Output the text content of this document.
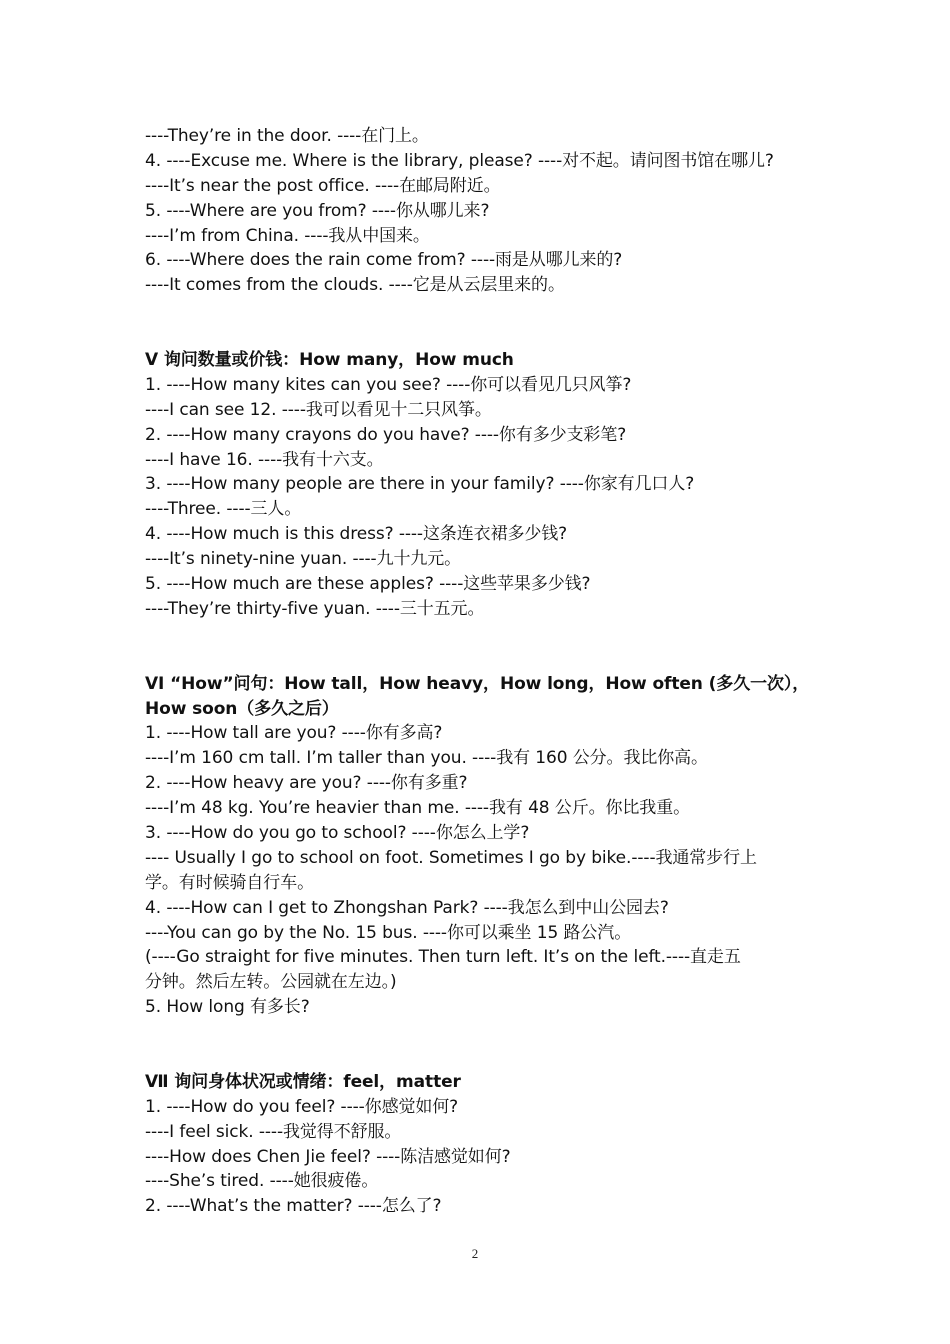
----They’re in the door. ----在门上。
4. ----Excuse me. Where is the library, please? ----对不起。请问图书馆在哪儿?
----It’s near the post office. ----在邮局附近。
5. ----Where are you from? ----你从哪儿来?
----I’m from China. ----我从中国来。
6. ----Where does the rain come from? ----雨是从哪儿来的?
----It comes from the clouds. ----它是从云层里来的。
V 询问数量或价钱：How many，How much
1. ----How many kites can you see? ----你可以看见几只风筝?
----I can see 12. ----我可以看见十二只风筝。
2. ----How many crayons do you have? ----你有多少支彩笔?
----I have 16. ----我有十六支。
3. ----How many people are there in your family? ----你家有几口人?
----Three. ----三人。
4. ----How much is this dress? ----这条连衣裙多少钱?
----It’s ninety-nine yuan. ----九十九元。
5. ----How much are these apples? ----这些苹果多少钱?
----They’re thirty-five yuan. ----三十五元。
VI “How”问句：How tall，How heavy，How long，How often (多久一次），
How soon（多久之后）
1. ----How tall are you? ----你有多高?
----I’m 160 cm tall. I’m taller than you. ----我有 160 公分。我比你高。
2. ----How heavy are you? ----你有多重?
----I’m 48 kg. You’re heavier than me. ----我有 48 公斤。你比我重。
3. ----How do you go to school? ----你怎么上学?
---- Usually I go to school on foot. Sometimes I go by bike.----我通常步行上
学。有时候骑自行车。
4. ----How can I get to Zhongshan Park? ----我怎么到中山公园去?
----You can go by the No. 15 bus. ----你可以乘坐 15 路公汽。
(----Go straight for five minutes. Then turn left. It’s on the left.----直走五
分钟。然后左转。公园就在左边。)
5. How long 有多长?
Ⅶ 询问身体状况或情绪：feel，matter
1. ----How do you feel? ----你感觉如何?
----I feel sick. ----我觉得不舒服。
----How does Chen Jie feel? ----陈洁感觉如何?
----She’s tired. ----她很疲倦。
2. ----What’s the matter? ----怎么了?
2
